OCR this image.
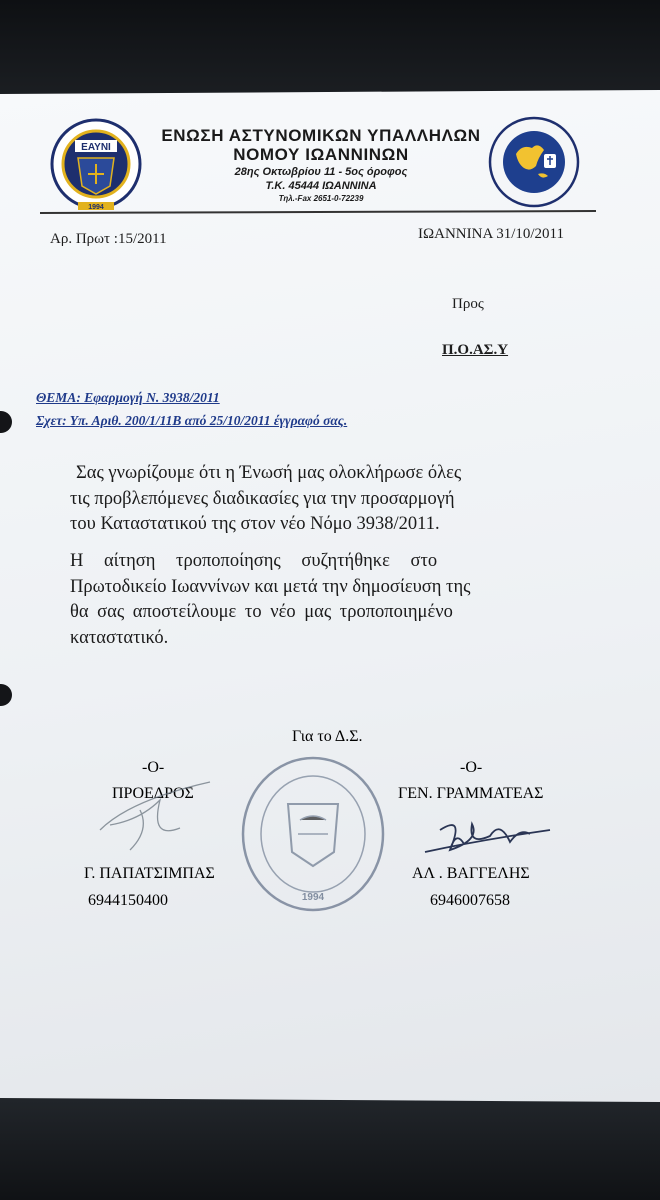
ΕΑΥΝΙ
1994
ΕΝΩΣΗ ΑΣΤΥΝΟΜΙΚΩΝ ΥΠΑΛΛΗΛΩΝ
ΝΟΜΟΥ ΙΩΑΝΝΙΝΩΝ
28ης Οκτωβρίου 11 - 5ος όροφος
Τ.Κ. 45444 ΙΩΑΝΝΙΝΑ
Τηλ.-Fax 2651-0-72239
Αρ. Πρωτ :15/2011	ΙΩΑΝΝΙΝΑ 31/10/2011
Προς
Π.Ο.ΑΣ.Υ
ΘΕΜΑ: Εφαρμογή Ν. 3938/2011
Σχετ: Υπ. Αριθ. 200/1/11Β από 25/10/2011 έγγραφό σας.
Σας γνωρίζουμε ότι η Ένωσή μας ολοκλήρωσε όλες
τις προβλεπόμενες διαδικασίες για την προσαρμογή
του Καταστατικού της στον νέο Νόμο 3938/2011.
Η αίτηση τροποποίησης συζητήθηκε στο
Πρωτοδικείο Ιωαννίνων και μετά την δημοσίευση της
θα σας αποστείλουμε το νέο μας τροποποιημένο
καταστατικό.
Για το Δ.Σ.
-Ο-
ΠΡΟΕΔΡΟΣ
Γ. ΠΑΠΑΤΣΙΜΠΑΣ
6944150400
-Ο-
ΓΕΝ. ΓΡΑΜΜΑΤΕΑΣ
ΑΛ . ΒΑΓΓΕΛΗΣ
6946007658
1994
